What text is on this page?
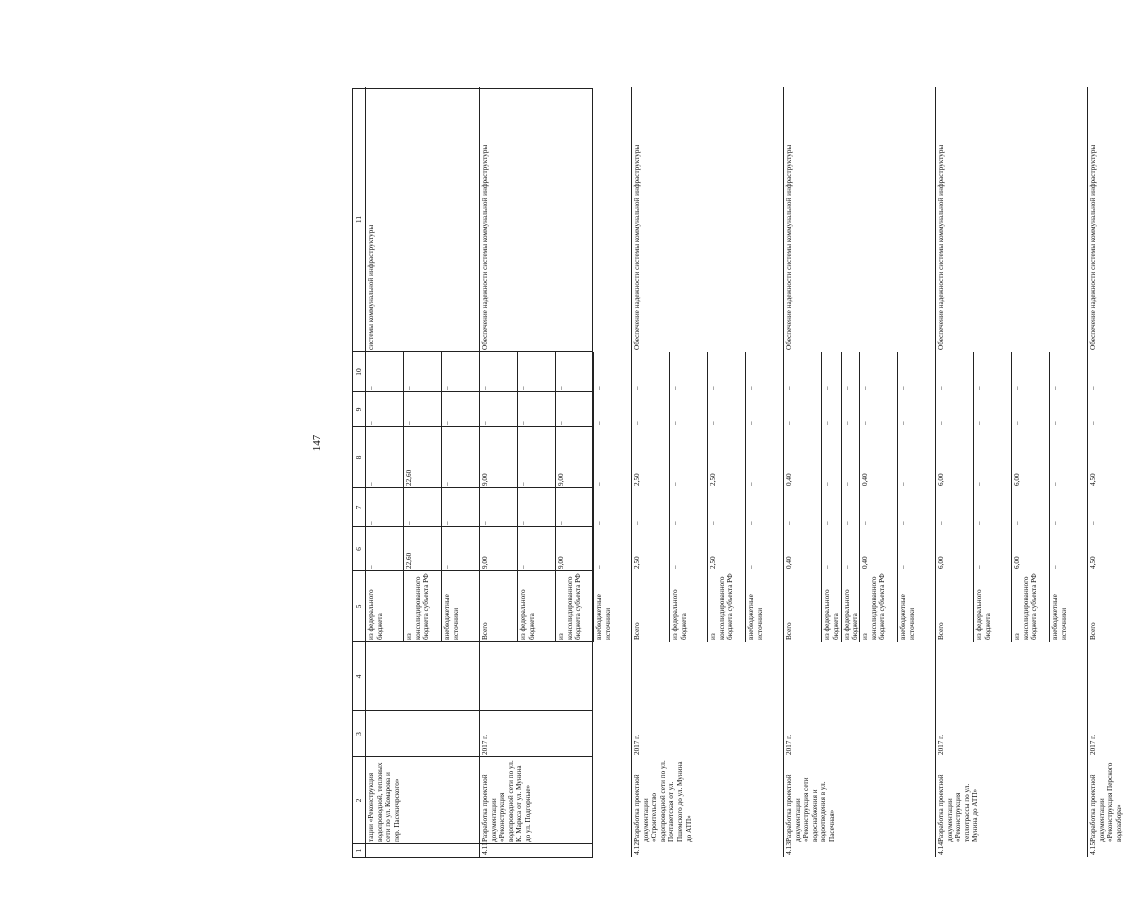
147
1
2
3
4
5
6
7
8
9
10
11
тации «Реконструкция водопроводной, тепловых сети по ул. Комарова и пер. Пасекичрского»
системы коммунальной инфраструктуры
из федерального бюджета
–
–
–
–
–
из консолидированного бюджета субъекта РФ
22,60
–
22,60
–
–
внебюджетные источники
–
–
–
–
–
4.11
Разработка проектной документации «Реконструкция водопроводной сети по ул. К. Маркса от ул. Мунина до ул. Подгорные»
2017 г.
Обеспечение надежности системы коммунальной инфраструктуры
Всего
9,00
–
9,00
–
–
из федерального бюджета
–
–
–
–
–
из консолидированного бюджета субъекта РФ
9,00
–
9,00
–
–
внебюджетные источники
–
–
–
–
–
4.12
Разработка проектной документации «Строительство водопроводной сети по ул. Почтаветская от ул. Пшемского до ул. Мунина до АТП»
2017 г.
Обеспечение надежности системы коммунальной инфраструктуры
Всего
2,50
–
2,50
–
–
из федерального бюджета
–
–
–
–
–
из консолидированного бюджета субъекта РФ
2,50
–
2,50
–
–
внебюджетные источники
–
–
–
–
–
4.13
Разработка проектной документации «Реконструкция сети водоснабжения и водоотведения в ул. Пасечная»
2017 г.
Обеспечение надежности системы коммунальной инфраструктуры
Всего
0,40
–
0,40
–
–
из федерального бюджета
–
–
–
–
–
из консолидированного бюджета субъекта РФ
0,40
–
0,40
–
–
внебюджетные источники
–
–
–
–
–
4.14
Разработка проектной документации «Реконструкция теплотрассы по ул. Мунина до АТП»
2017 г.
Обеспечение надежности системы коммунальной инфраструктуры
Всего
6,00
–
6,00
–
–
из федерального бюджета
–
–
–
–
–
из консолидированного бюджета субъекта РФ
6,00
–
6,00
–
–
внебюджетные источники
–
–
–
–
–
4.15
Разработка проектной документации «Реконструкция Перского водозабора»
2017 г.
Обеспечение надежности системы коммунальной инфраструктуры
Всего
4,50
–
4,50
–
–
из федерального бюджета
–
–
–
–
–
